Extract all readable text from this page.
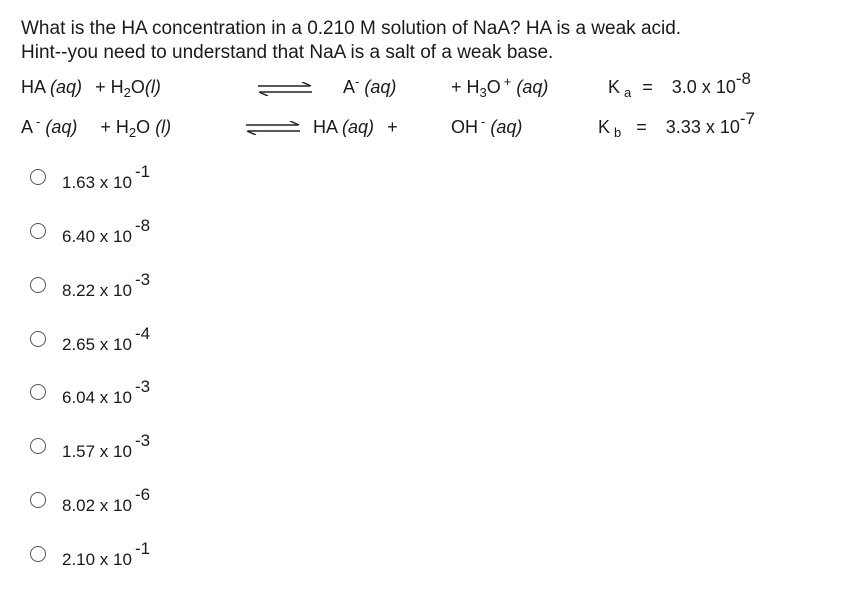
What is the HA concentration in a 0.210 M solution of NaA? HA is a weak acid.
Hint--you need to understand that NaA is a salt of a weak base.
HA $(aq) + H_2O(l)$	A- (aq)	+ $H_3O$ + (aq)	K $_a$ = 3.0 x 10-8
A - $(aq) + H_2O$ (l)	⇌ HA (aq) +	OH - (aq)	K $_b$ = 3.33 x 10-7
1.63 x 10-1
6.40 x 10-8
8.22 x 10-3
2.65 x 10-4
6.04 x 10-3
1.57 x 10-3
8.02 x 10-6
2.10 x 10-1
